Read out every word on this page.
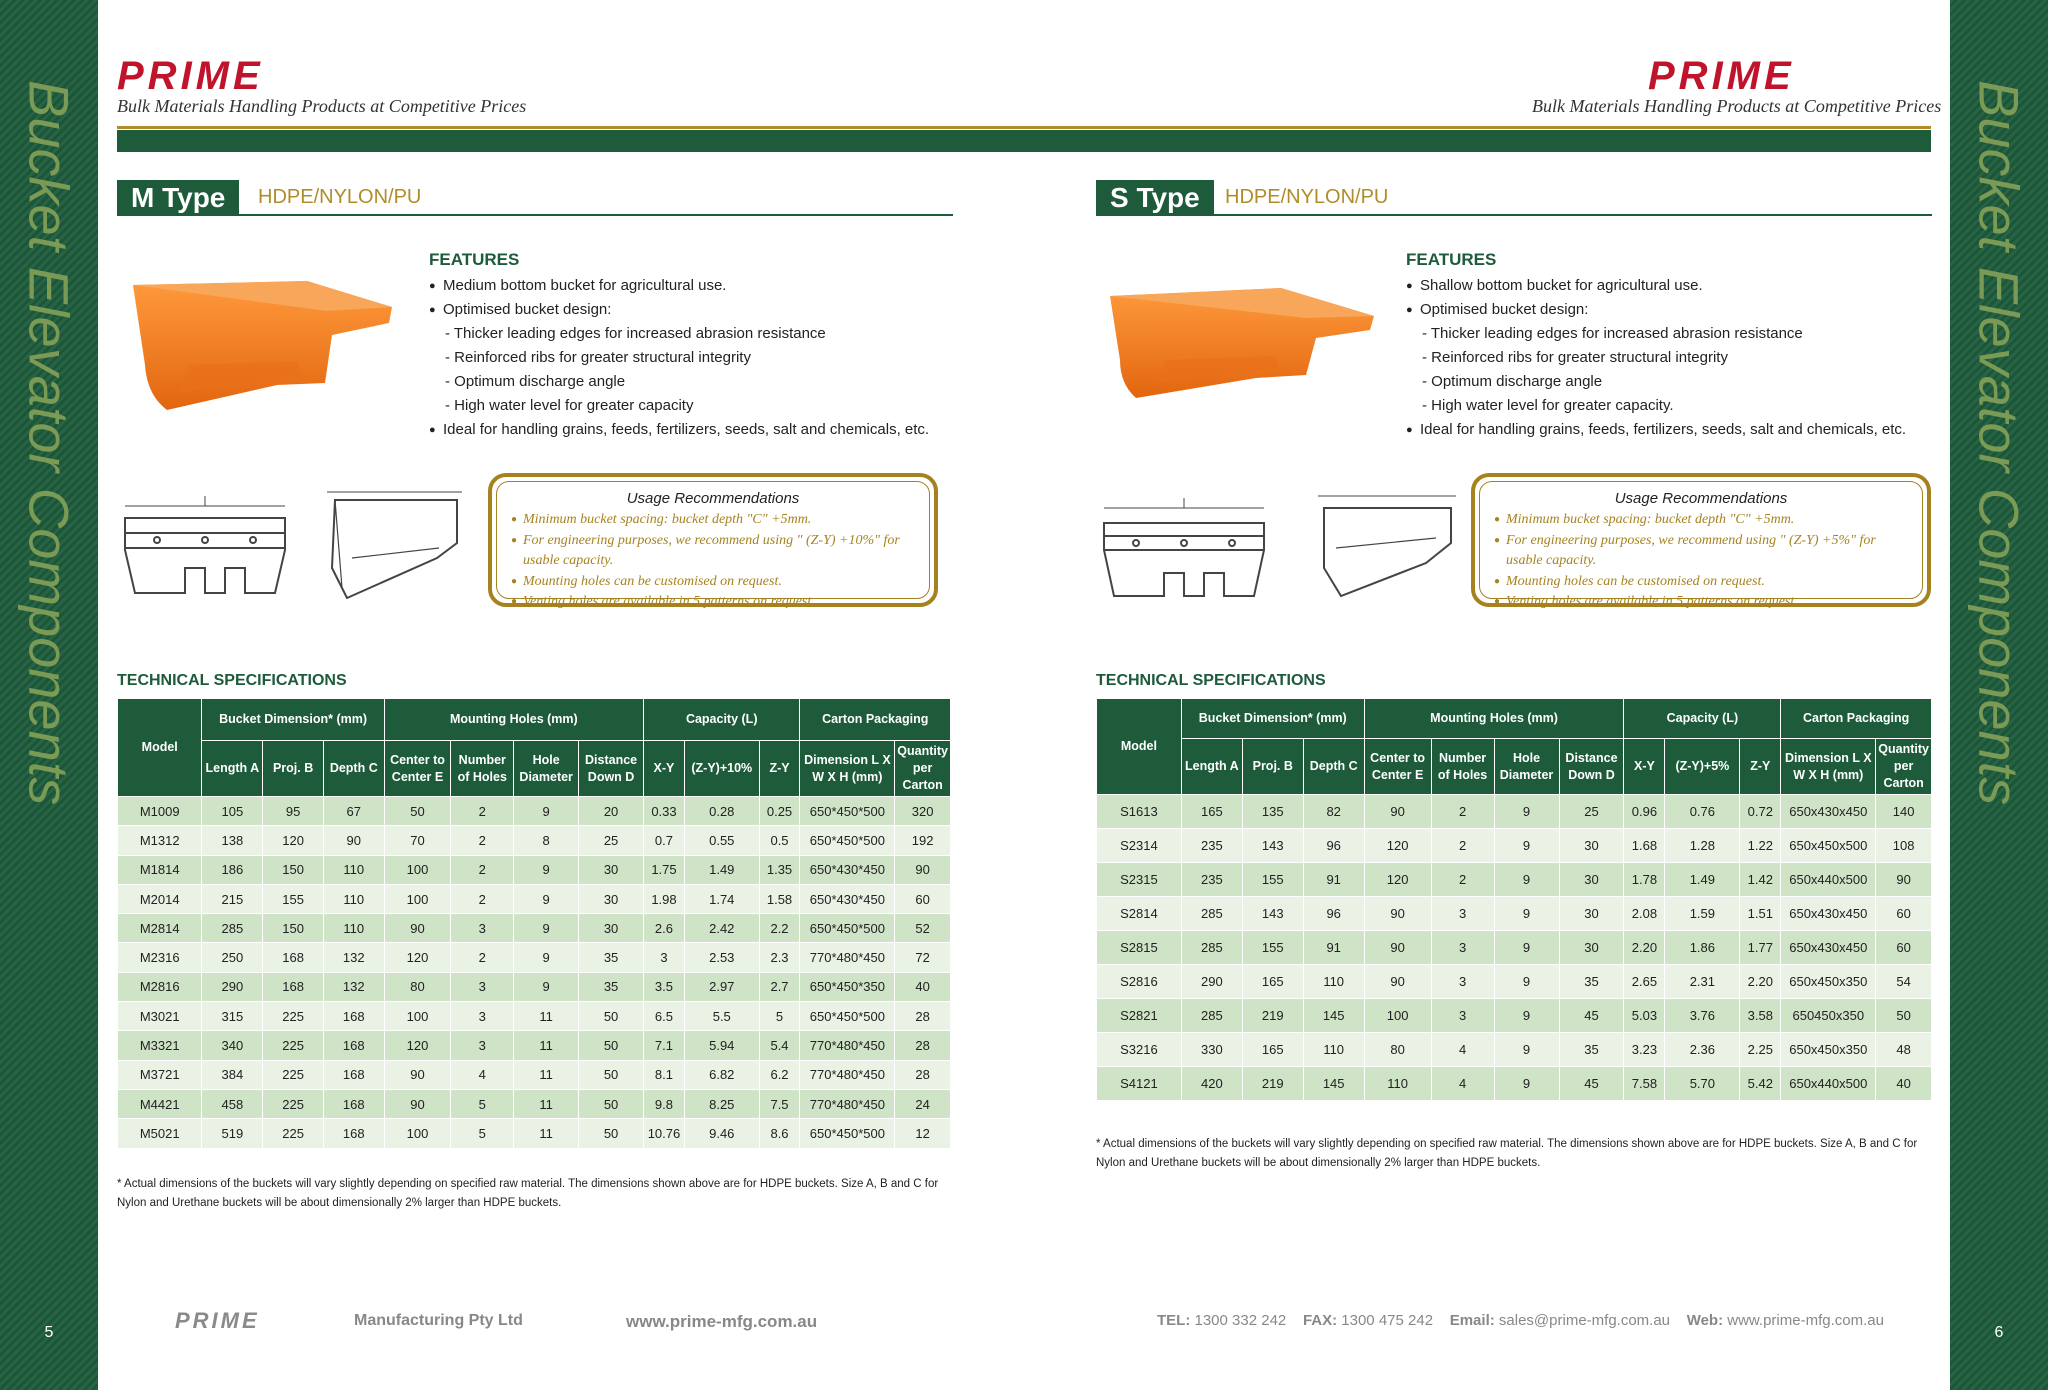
Bucket Elevator Components
5
Bucket Elevator Components
6
PRIME	PRIME
Bulk Materials Handling Products at Competitive Prices	Bulk Materials Handling Products at Competitive Prices
M Type	HDPE/NYLON/PU
FEATURES
● Medium bottom bucket for agricultural use.
● Optimised bucket design:
- Thicker leading edges for increased abrasion resistance
- Reinforced ribs for greater structural integrity
- Optimum discharge angle
- High water level for greater capacity
● Ideal for handling grains, feeds, fertilizers, seeds, salt and chemicals, etc.
Usage Recommendations
● Minimum bucket spacing: bucket depth "C" +5mm.
● For engineering purposes, we recommend using " (Z-Y) +10%" for usable capacity.
● Mounting holes can be customised on request.
● Venting holes are available in 5 patterns on request
TECHNICAL SPECIFICATIONS
Model	Bucket Dimension* (mm)			Mounting Holes (mm)				Capacity (L)			Carton Packaging	
	Length A	Proj. B	Depth C	Center to Center E	Number of Holes	Hole Diameter	Distance Down D	X-Y	(Z-Y)+10%	Z-Y	Dimension L X W X H (mm)	Quantity per Carton
M1009	105	95	67	50	2	9	20	0.33	0.28	0.25	650*450*500	320
M1312	138	120	90	70	2	8	25	0.7	0.55	0.5	650*450*500	192
M1814	186	150	110	100	2	9	30	1.75	1.49	1.35	650*430*450	90
M2014	215	155	110	100	2	9	30	1.98	1.74	1.58	650*430*450	60
M2814	285	150	110	90	3	9	30	2.6	2.42	2.2	650*450*500	52
M2316	250	168	132	120	2	9	35	3	2.53	2.3	770*480*450	72
M2816	290	168	132	80	3	9	35	3.5	2.97	2.7	650*450*350	40
M3021	315	225	168	100	3	11	50	6.5	5.5	5	650*450*500	28
M3321	340	225	168	120	3	11	50	7.1	5.94	5.4	770*480*450	28
M3721	384	225	168	90	4	11	50	8.1	6.82	6.2	770*480*450	28
M4421	458	225	168	90	5	11	50	9.8	8.25	7.5	770*480*450	24
M5021	519	225	168	100	5	11	50	10.76	9.46	8.6	650*450*500	12
* Actual dimensions of the buckets will vary slightly depending on specified raw material. The dimensions shown above are for HDPE buckets. Size A, B and C for Nylon and Urethane buckets will be about dimensionally 2% larger than HDPE buckets.
S Type	HDPE/NYLON/PU
FEATURES
● Shallow bottom bucket for agricultural use.
● Optimised bucket design:
- Thicker leading edges for increased abrasion resistance
- Reinforced ribs for greater structural integrity
- Optimum discharge angle
- High water level for greater capacity.
● Ideal for handling grains, feeds, fertilizers, seeds, salt and chemicals, etc.
Usage Recommendations
● Minimum bucket spacing: bucket depth "C" +5mm.
● For engineering purposes, we recommend using " (Z-Y) +5%" for usable capacity.
● Mounting holes can be customised on request.
● Venting holes are available in 5 patterns on request
TECHNICAL SPECIFICATIONS
Model	Bucket Dimension* (mm)			Mounting Holes (mm)				Capacity (L)			Carton Packaging	
	Length A	Proj. B	Depth C	Center to Center E	Number of Holes	Hole Diameter	Distance Down D	X-Y	(Z-Y)+5%	Z-Y	Dimension L X W X H (mm)	Quantity per Carton
S1613	165	135	82	90	2	9	25	0.96	0.76	0.72	650x430x450	140
S2314	235	143	96	120	2	9	30	1.68	1.28	1.22	650x450x500	108
S2315	235	155	91	120	2	9	30	1.78	1.49	1.42	650x440x500	90
S2814	285	143	96	90	3	9	30	2.08	1.59	1.51	650x430x450	60
S2815	285	155	91	90	3	9	30	2.20	1.86	1.77	650x430x450	60
S2816	290	165	110	90	3	9	35	2.65	2.31	2.20	650x450x350	54
S2821	285	219	145	100	3	9	45	5.03	3.76	3.58	650450x350	50
S3216	330	165	110	80	4	9	35	3.23	2.36	2.25	650x450x350	48
S4121	420	219	145	110	4	9	45	7.58	5.70	5.42	650x440x500	40
* Actual dimensions of the buckets will vary slightly depending on specified raw material. The dimensions shown above are for HDPE buckets. Size A, B and C for Nylon and Urethane buckets will be about dimensionally 2% larger than HDPE buckets.
PRIME	Manufacturing Pty Ltd	www.prime-mfg.com.au	TEL: 1300 332 242 FAX: 1300 475 242 Email: sales@prime-mfg.com.au Web: www.prime-mfg.com.au
